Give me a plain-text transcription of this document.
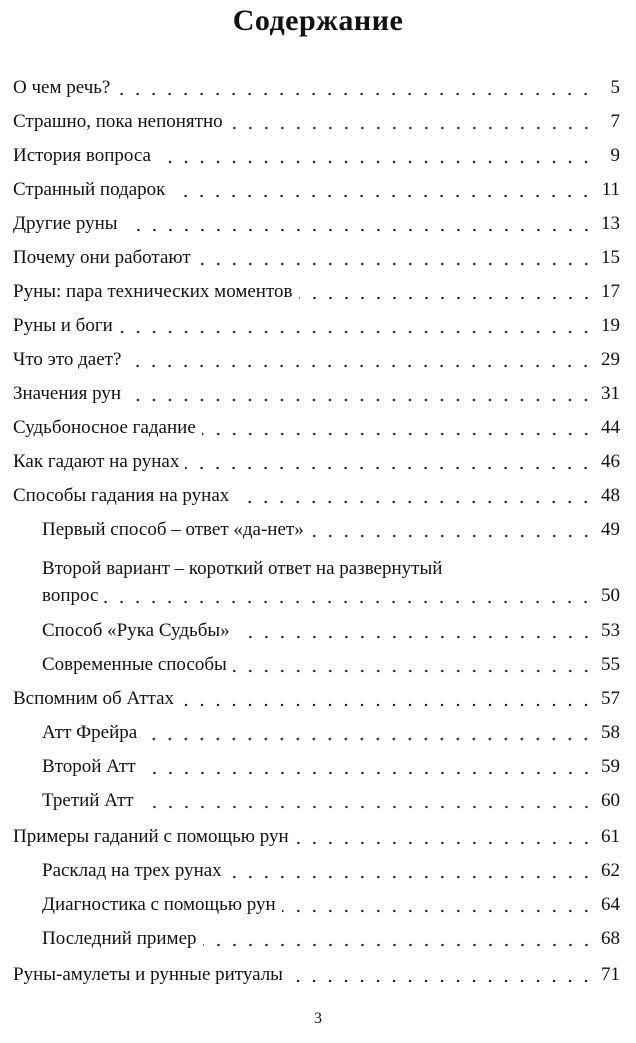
Содержание
О чем речь?	5
Страшно, пока непонятно	7
История вопроса	9
Странный подарок	11
Другие руны	13
Почему они работают	15
Руны: пара технических моментов	17
Руны и боги	19
Что это дает?	29
Значения рун	31
Судьбоносное гадание	44
Как гадают на рунах	46
Способы гадания на рунах	48
Первый способ – ответ «да-нет»	49
Второй вариант – короткий ответ на развернутый
вопрос	50
Способ «Рука Судьбы»	53
Современные способы	55
Вспомним об Аттах	57
Атт Фрейра	58
Второй Атт	59
Третий Атт	60
Примеры гаданий с помощью рун	61
Расклад на трех рунах	62
Диагностика с помощью рун	64
Последний пример	68
Руны-амулеты и рунные ритуалы	71
3
